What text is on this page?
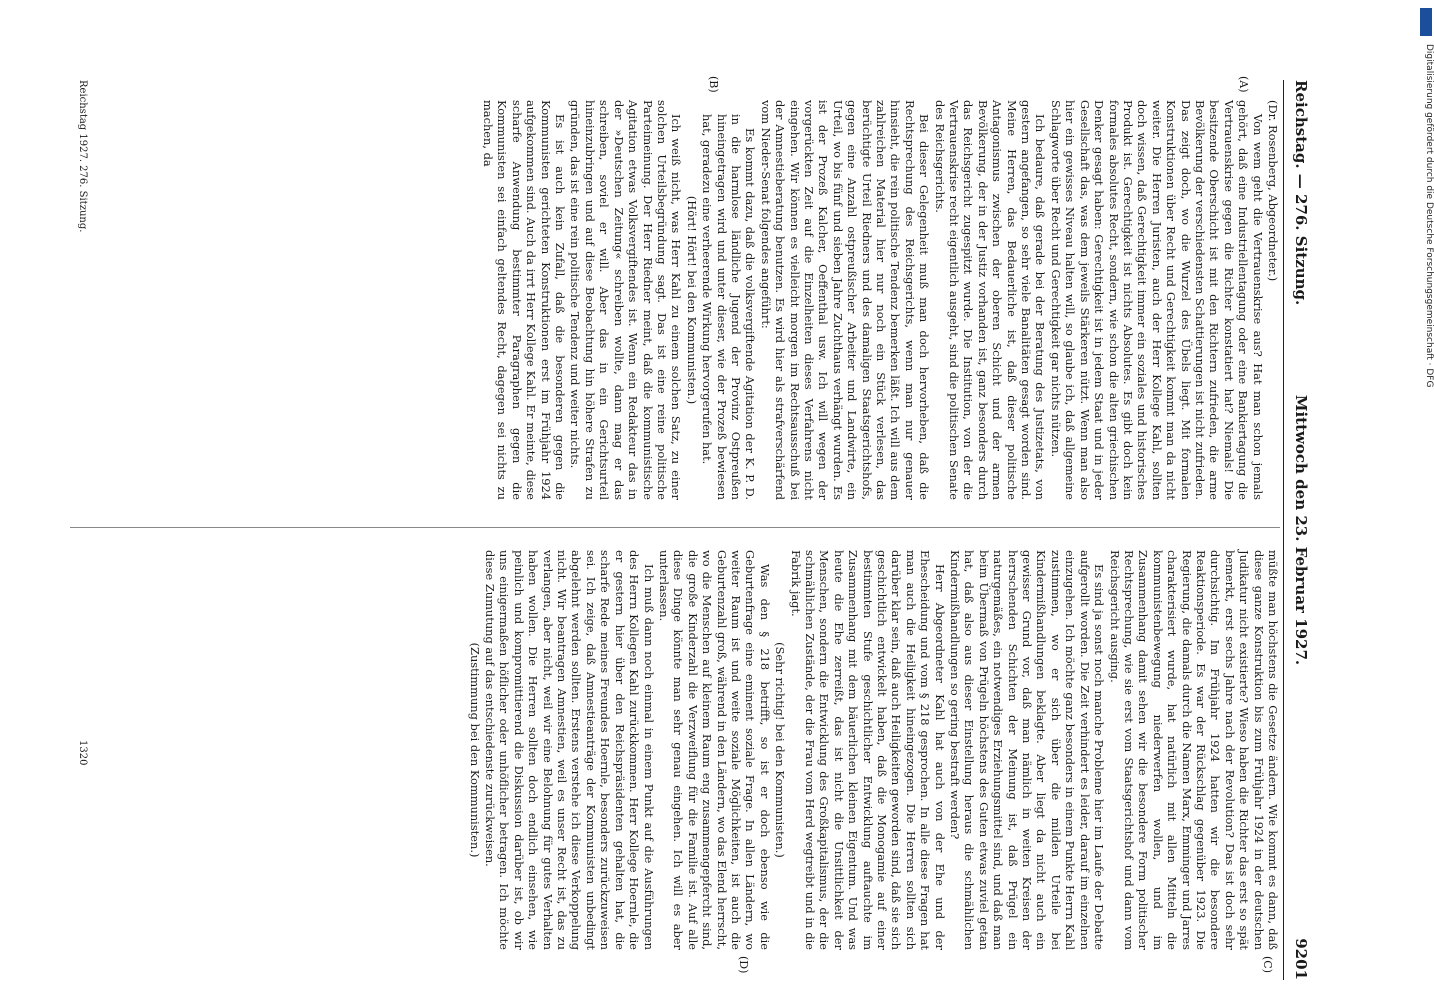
Reichstag. — 276. Sitzung.
Mittwoch den 23. Februar 1927.
9201
(A)
(B)
(C)
(D)

(Dr. Rosenberg, Abgeordneter.)

Von wem geht die Vertrauenskrise aus? Hat man schon jemals gehört, daß eine Industriellentagung oder eine Bankiertagung die Vertrauenskrise gegen die Richter konstatiert hat? Niemals! Die besitzende Oberschicht ist mit den Richtern zufrieden, die arme Bevölkerung der verschiedensten Schattierungen ist nicht zufrieden. Das zeigt doch, wo die Wurzel des Übels liegt. Mit formalen Konstruktionen über Recht und Gerechtigkeit kommt man da nicht weiter. Die Herren Juristen, auch der Herr Kollege Kahl, sollten doch wissen, daß Gerechtigkeit immer ein soziales und historisches Produkt ist. Gerechtigkeit ist nichts Absolutes. Es gibt doch kein formales absolutes Recht, sondern, wie schon die alten griechischen Denker gesagt haben: Gerechtigkeit ist in jedem Staat und in jeder Gesellschaft das, was dem jeweils Stärkeren nützt. Wenn man also hier ein gewisses Niveau halten will, so glaube ich, daß allgemeine Schlagworte über Recht und Gerechtigkeit gar nichts nützen.

Ich bedaure, daß gerade bei der Beratung des Justizetats, von gestern angefangen, so sehr viele Banalitäten gesagt worden sind. Meine Herren, das Bedauerliche ist, daß dieser politische Antagonismus zwischen der oberen Schicht und der armen Bevölkerung, der in der Justiz vorhanden ist, ganz besonders durch das Reichsgericht zugespitzt wurde. Die Institution, von der die Vertrauenskrise recht eigentlich ausgeht, sind die politischen Senate des Reichsgerichts.

Bei dieser Gelegenheit muß man doch hervorheben, daß die Rechtsprechung des Reichsgerichts, wenn man nur genauer hinsieht, die rein politische Tendenz bemerken läßt. Ich will aus dem zahlreichen Material hier nur noch ein Stück verlesen, das berüchtigte Urteil Riedners und des damaligen Staatsgerichtshofs, gegen eine Anzahl ostpreußischer Arbeiter und Landwirte, ein Urteil, wo bis fünf und sieben Jahre Zuchthaus verhängt wurden. Es ist der Prozeß Kalcher, Oeffenthal usw. Ich will wegen der vorgerückten Zeit auf die Einzelheiten dieses Verfahrens nicht eingehen. Wir können es vielleicht morgen im Rechtsausschuß bei der Amnestieberatung benutzen. Es wird hier als strafverschärfend vom Nieder-Senat folgendes angeführt:

Es kommt dazu, daß die volksvergiftende Agitation der K. P. D. in die harmlose ländliche Jugend der Provinz Ostpreußen hineingetragen wird und unter dieser, wie der Prozeß bewiesen hat, geradezu eine verheerende Wirkung hervorgerufen hat.

(Hört! Hört! bei den Kommunisten.)

Ich weiß nicht, was Herr Kahl zu einem solchen Satz, zu einer solchen Urteilsbegründung sagt. Das ist eine reine politische Parteimeinung. Der Herr Riedner meint, daß die kommunistische Agitation etwas Volksvergiftendes ist. Wenn ein Redakteur das in der »Deutschen Zeitung« schreiben wollte, dann mag er das schreiben, soviel er will. Aber das in ein Gerichtsurteil hineinzubringen und auf diese Beobachtung hin höhere Strafen zu gründen, das ist eine rein politische Tendenz und weiter nichts.

Es ist auch kein Zufall, daß die besonderen gegen die Kommunisten gerichteten Konstruktionen erst im Frühjahr 1924 aufgekommen sind. Auch da irrt Herr Kollege Kahl. Er meinte, diese scharfe Anwendung bestimmter Paragraphen gegen die Kommunisten sei einfach geltendes Recht, dagegen sei nichts zu machen, da

müßte man höchstens die Gesetze ändern. Wie kommt es dann, daß diese ganze Konstruktion bis zum Frühjahr 1924 in der deutschen Judikatur nicht existierte? Wieso haben die Richter das erst so spät bemerkt, erst sechs Jahre nach der Revolution? Das ist doch sehr durchsichtig. Im Frühjahr 1924 hatten wir die besondere Reaktionsperiode. Es war der Rückschlag gegenüber 1923. Die Regierung, die damals durch die Namen Marx, Emminger und Jarres charakterisiert wurde, hat natürlich mit allen Mitteln die kommunistenbewegung niederwerfen wollen, und im Zusammenhang damit sehen wir die besondere Form politischer Rechtsprechung, wie sie erst vom Staatsgerichtshof und dann vom Reichsgericht ausging.

Es sind ja sonst noch manche Probleme hier im Laufe der Debatte aufgerollt worden. Die Zeit verhindert es leider, darauf im einzelnen einzugehen. Ich möchte ganz besonders in einem Punkte Herrn Kahl zustimmen, wo er sich über die milden Urteile bei Kindermißhandlungen beklagte. Aber liegt da nicht auch ein gewisser Grund vor, daß man nämlich in weiten Kreisen der herrschenden Schichten der Meinung ist, daß Prügel ein naturgemäßes, ein notwendiges Erziehungsmittel sind, und daß man beim Übermaß von Prügeln höchstens des Guten etwas zuviel getan hat, daß also aus dieser Einstellung heraus die schmählichen Kindermißhandlungen so gering bestraft werden?

Herr Abgeordneter Kahl hat auch von der Ehe und der Ehescheidung und vom § 218 gesprochen. In alle diese Fragen hat man auch die Heiligkeit hineingezogen. Die Herren sollten sich darüber klar sein, daß auch Heiligkeiten geworden sind, daß sie sich geschichtlich entwickelt haben, daß die Monogamie auf einer bestimmten Stufe geschichtlicher Entwicklung auftauchte im Zusammenhang mit dem bäuerlichen kleinen Eigentum. Und was heute die Ehe zerreißt, das ist nicht die Unsittlichkeit der Menschen, sondern die Entwicklung des Großkapitalismus, der die schmählichen Zustände, der die Frau vom Herd wegtreibt und in die Fabrik jagt.

(Sehr richtig! bei den Kommunisten.)

Was den § 218 betrifft, so ist er doch ebenso wie die Geburtenfrage eine eminent soziale Frage. In allen Ländern, wo weiter Raum ist und weite soziale Möglichkeiten, ist auch die Geburtenzahl groß, während in den Ländern, wo das Elend herrscht, wo die Menschen auf kleinem Raum eng zusammengepfercht sind, die große Kinderzahl die Verzweiflung für die Familie ist. Auf alle diese Dinge könnte man sehr genau eingehen. Ich will es aber unterlassen.

Ich muß dann noch einmal in einem Punkt auf die Ausführungen des Herrn Kollegen Kahl zurückkommen. Herr Kollege Hoernle, die er gestern hier über den Reichspräsidenten gehalten hat, die scharfe Rede meines Freundes Hoernle, besonders zurückzuweisen sei. Ich zeige, daß Amnestieanträge der Kommunisten unbedingt abgelehnt werden sollten. Erstens verstehe ich diese Verkoppelung nicht. Wir beantragen Amnestien, weil es unser Recht ist, das zu verlangen, aber nicht, weil wir eine Belohnung für gutes Verhalten haben wollen. Die Herren sollten doch endlich einsehen, wie peinlich und kompromittierend die Diskussion darüber ist, ob wir uns einigermaßen höflicher oder unhöflicher betragen. Ich möchte diese Zumutung auf das entschiedenste zurückweisen.

(Zustimmung bei den Kommunisten.)

Reichstag 1927. 276. Sitzung.
1320
Digitalisierung gefördert durch die Deutsche Forschungsgemeinschaft · DFG
